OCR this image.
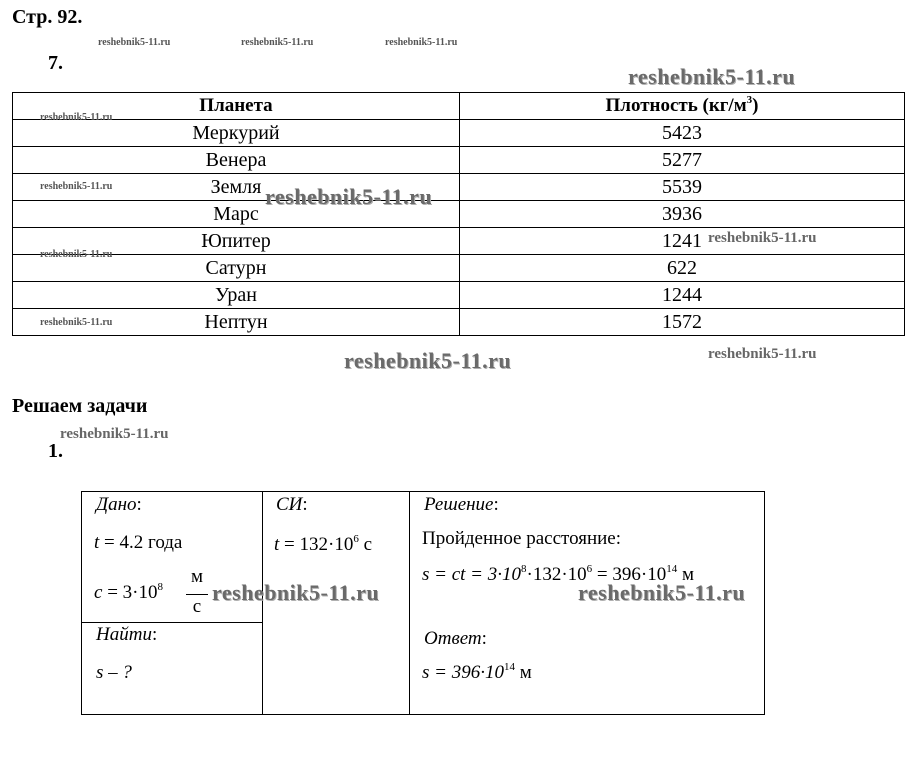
Стр. 92.
7.
Планета	Плотность $(кг/м^3)$
Меркурий	5423
Венера	5277
Земля	5539
Марс	3936
Юпитер	1241
Сатурн	622
Уран	1244
Нептун	1572
Решаем задачи
1.
Дано:
t = 4.2 года
$c = 3\cdot 10^8$ м
с
Найти:
s – ?
СИ:
$t = 132\cdot 10^6$ с
Решение:
Пройденное расстояние:
s = ct = $3\cdot 10^8\cdot 132\cdot 10^6 = 396\cdot 10^{14}$ м
Ответ:
$s = 396\cdot 10^{14}$ м
reshebnik5-11.ru	reshebnik5-11.ru	reshebnik5-11.ru
reshebnik5-11.ru
reshebnik5-11.ru
reshebnik5-11.ru	reshebnik5-11.ru
reshebnik5-11.ru
reshebnik5-11.ru
reshebnik5-11.ru
reshebnik5-11.ru
reshebnik5-11.ru
reshebnik5-11.ru
reshebnik5-11.ru	reshebnik5-11.ru
